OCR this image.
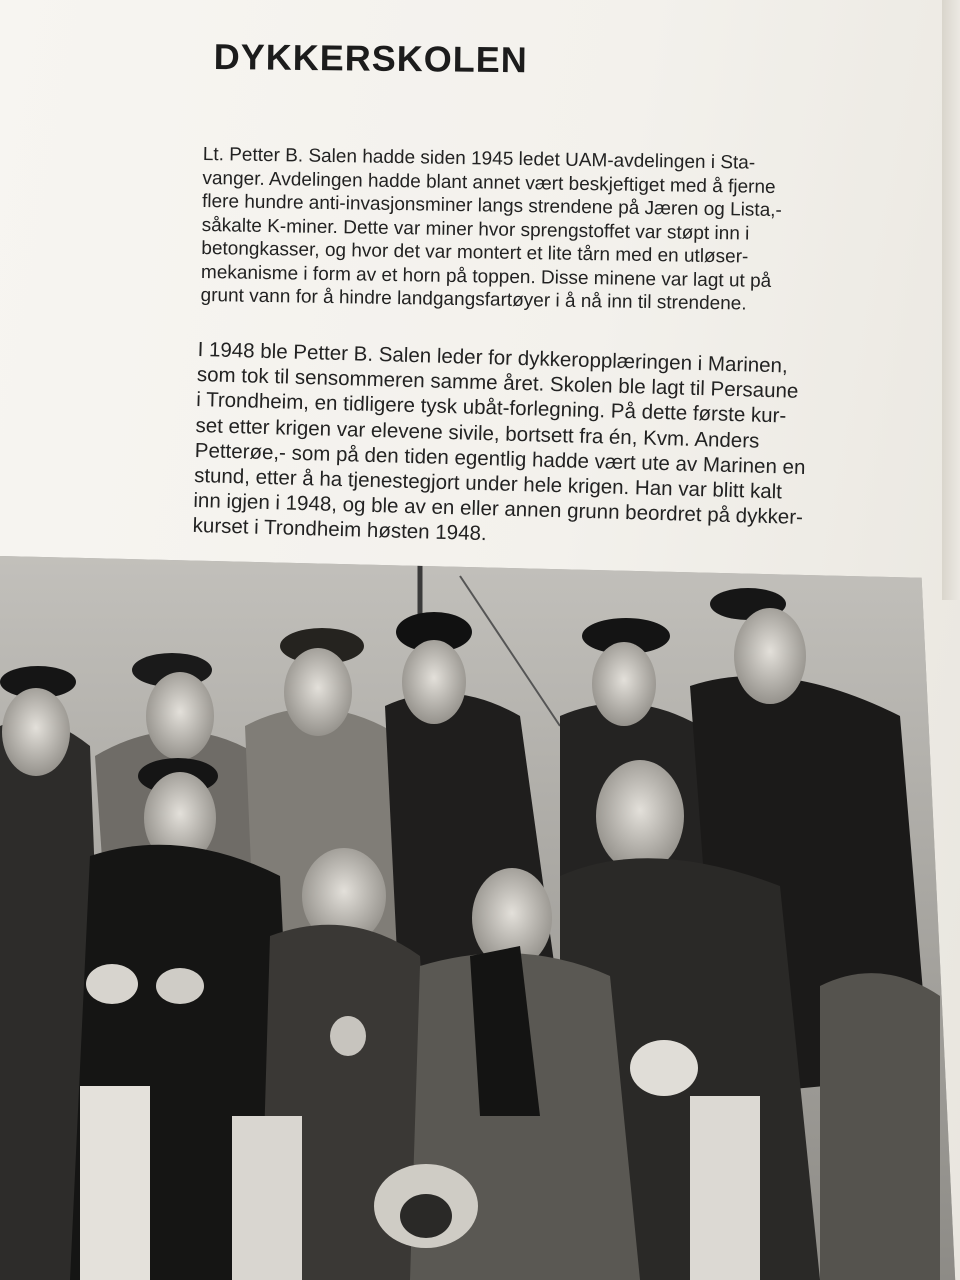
DYKKERSKOLEN

Lt. Petter B. Salen hadde siden 1945 ledet UAM-avdelingen i Sta-
vanger. Avdelingen hadde blant annet vært beskjeftiget med å fjerne
flere hundre anti-invasjonsminer langs strendene på Jæren og Lista,-
såkalte K-miner. Dette var miner hvor sprengstoffet var støpt inn i
betongkasser, og hvor det var montert et lite tårn med en utløser-
mekanisme i form av et horn på toppen. Disse minene var lagt ut på
grunt vann for å hindre landgangsfartøyer i å nå inn til strendene.

I 1948 ble Petter B. Salen leder for dykkeropplæringen i Marinen,
som tok til sensommeren samme året. Skolen ble lagt til Persaune
i Trondheim, en tidligere tysk ubåt-forlegning. På dette første kur-
set etter krigen var elevene sivile, bortsett fra én, Kvm. Anders
Petterøe,- som på den tiden egentlig hadde vært ute av Marinen en
stund, etter å ha tjenestegjort under hele krigen. Han var blitt kalt
inn igjen i 1948, og ble av en eller annen grunn beordret på dykker-
kurset i Trondheim høsten 1948.
